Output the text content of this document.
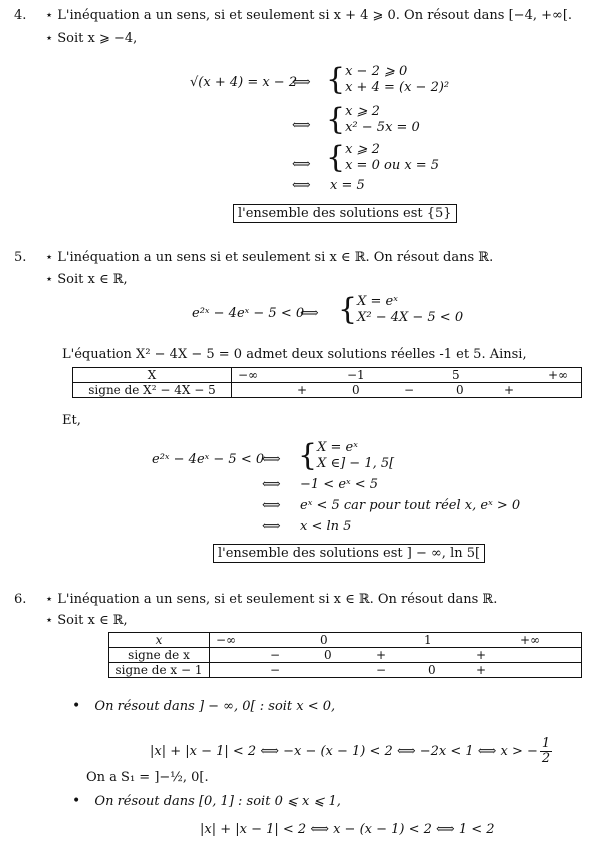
4. ⋆ L'inéquation a un sens, si et seulement si x + 4 ⩾ 0. On résout dans [−4, +∞[.
⋆ Soit x ⩾ −4,
√(x + 4) = x − 2
⟺ { x − 2 ⩾ 0
x + 4 = (x − 2)²
⟺ { x ⩾ 2
x² − 5x = 0
⟺ { x ⩾ 2
x = 0 ou x = 5
⟺ x = 5
l'ensemble des solutions est {5}
5. ⋆ L'inéquation a un sens si et seulement si x ∈ ℝ. On résout dans ℝ.
⋆ Soit x ∈ ℝ,
e²ˣ − 4eˣ − 5 < 0
⟺ { X = eˣ
X² − 4X − 5 < 0
L'équation X² − 4X − 5 = 0 admet deux solutions réelles -1 et 5. Ainsi,
X	−∞ −1 5 +∞

signe de X² − 4X − 5	+ 0 − 0 +
Et,
e²ˣ − 4eˣ − 5 < 0
⟺ { X = eˣ
X ∈] − 1, 5[
⟺ −1 < eˣ < 5
⟺ eˣ < 5 car pour tout réel x, eˣ > 0
⟺ x < ln 5
l'ensemble des solutions est ] − ∞, ln 5[
6. ⋆ L'inéquation a un sens, si et seulement si x ∈ ℝ. On résout dans ℝ.
⋆ Soit x ∈ ℝ,
x	−∞ 0 1 +∞

signe de x	− 0 + +

signe de x − 1	− − 0 +
• On résout dans ] − ∞, 0[ : soit x < 0,
|x| + |x − 1| < 2 ⟺ −x − (x − 1) < 2 ⟺ −2x < 1 ⟺ x > − $\frac{1}{2}$
On a S₁ = ]−½, 0[.
• On résout dans [0, 1] : soit 0 ⩽ x ⩽ 1,
|x| + |x − 1| < 2 ⟺ x − (x − 1) < 2 ⟺ 1 < 2
